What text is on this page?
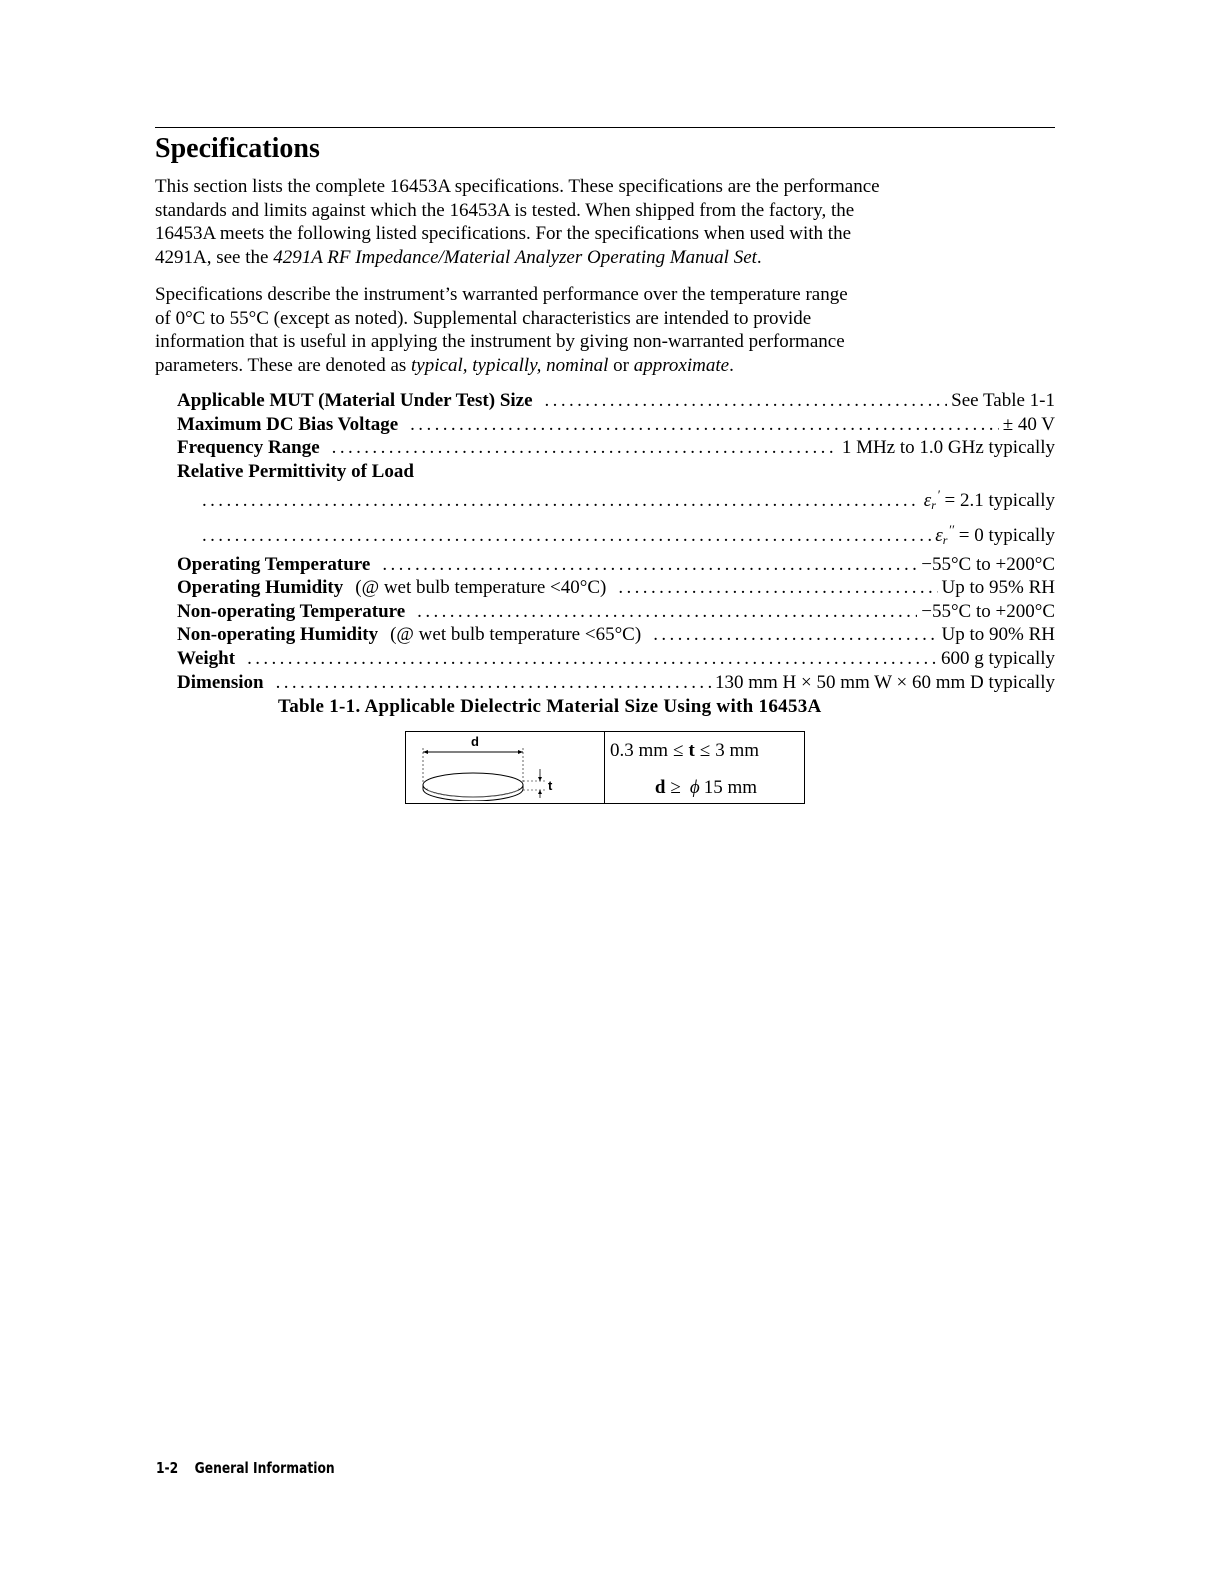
Specifications

This section lists the complete 16453A specifications. These specifications are the performance
standards and limits against which the 16453A is tested. When shipped from the factory, the
16453A meets the following listed specifications. For the specifications when used with the
4291A, see the 4291A RF Impedance/Material Analyzer Operating Manual Set.

Specifications describe the instrument’s warranted performance over the temperature range
of 0°C to 55°C (except as noted). Supplemental characteristics are intended to provide
information that is useful in applying the instrument by giving non-warranted performance
parameters. These are denoted as typical, typically, nominal or approximate.

Applicable MUT (Material Under Test) Size .....	See Table 1-1
Maximum DC Bias Voltage .....	± 40 V
Frequency Range .....	1 MHz to 1.0 GHz typically
Relative Permittivity of Load
.....
$\varepsilon_r' = 2.1$ typically
.....
$\varepsilon_r'' = 0$ typically
Operating Temperature .....	−55°C to +200°C
Operating Humidity (@ wet bulb temperature <40°C) .....	Up to 95% RH
Non-operating Temperature .....	−55°C to +200°C
Non-operating Humidity (@ wet bulb temperature <65°C) .....	Up to 90% RH
Weight .....	600 g typically
Dimension .....	130 mm H × 50 mm W × 60 mm D typically

Table 1-1. Applicable Dielectric Material Size Using with 16453A

d
t
0.3 mm ≤ t ≤ 3 mm
d ≥ ϕ 15 mm
1-2 General Information
